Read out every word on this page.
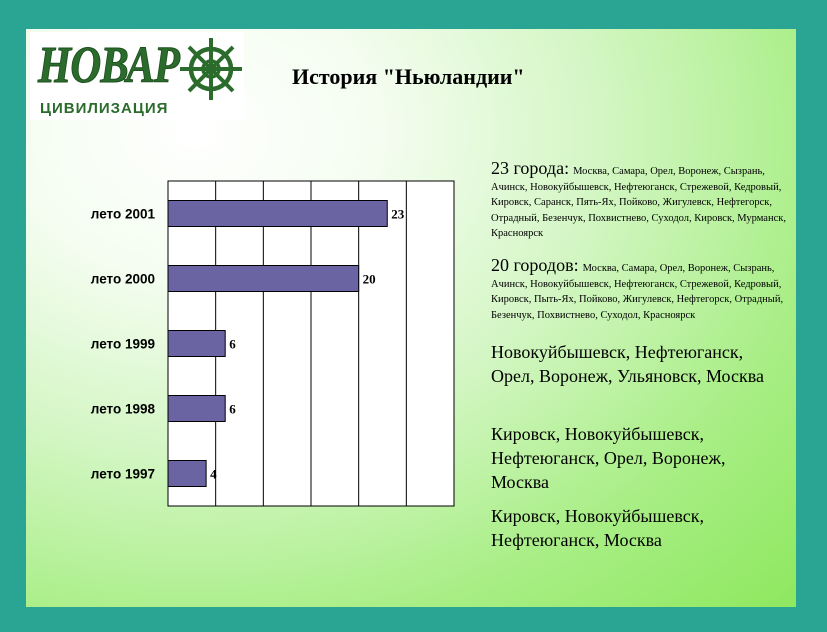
НОВАР
ЦИВИЛИЗАЦИЯ
История "Ньюландии"
лето 2001
лето 2000
лето 1999
лето 1998
лето 1997
23
20
6
6
4
23 города: Москва, Самара, Орел, Воронеж, Сызрань, Ачинск, Новокуйбышевск, Нефтеюганск, Стрежевой, Кедровый, Кировск, Саранск, Пять-Ях, Пойково, Жигулевск, Нефтегорск, Отрадный, Безенчук, Похвистнево, Суходол, Кировск, Мурманск, Красноярск
20 городов: Москва, Самара, Орел, Воронеж, Сызрань, Ачинск, Новокуйбышевск, Нефтеюганск, Стрежевой, Кедровый, Кировск, Пыть-Ях, Пойково, Жигулевск, Нефтегорск, Отрадный, Безенчук, Похвистнево, Суходол, Красноярск
Новокуйбышевск, Нефтеюганск, Орел, Воронеж, Ульяновск, Москва
Кировск, Новокуйбышевск, Нефтеюганск, Орел, Воронеж, Москва
Кировск, Новокуйбышевск, Нефтеюганск, Москва
